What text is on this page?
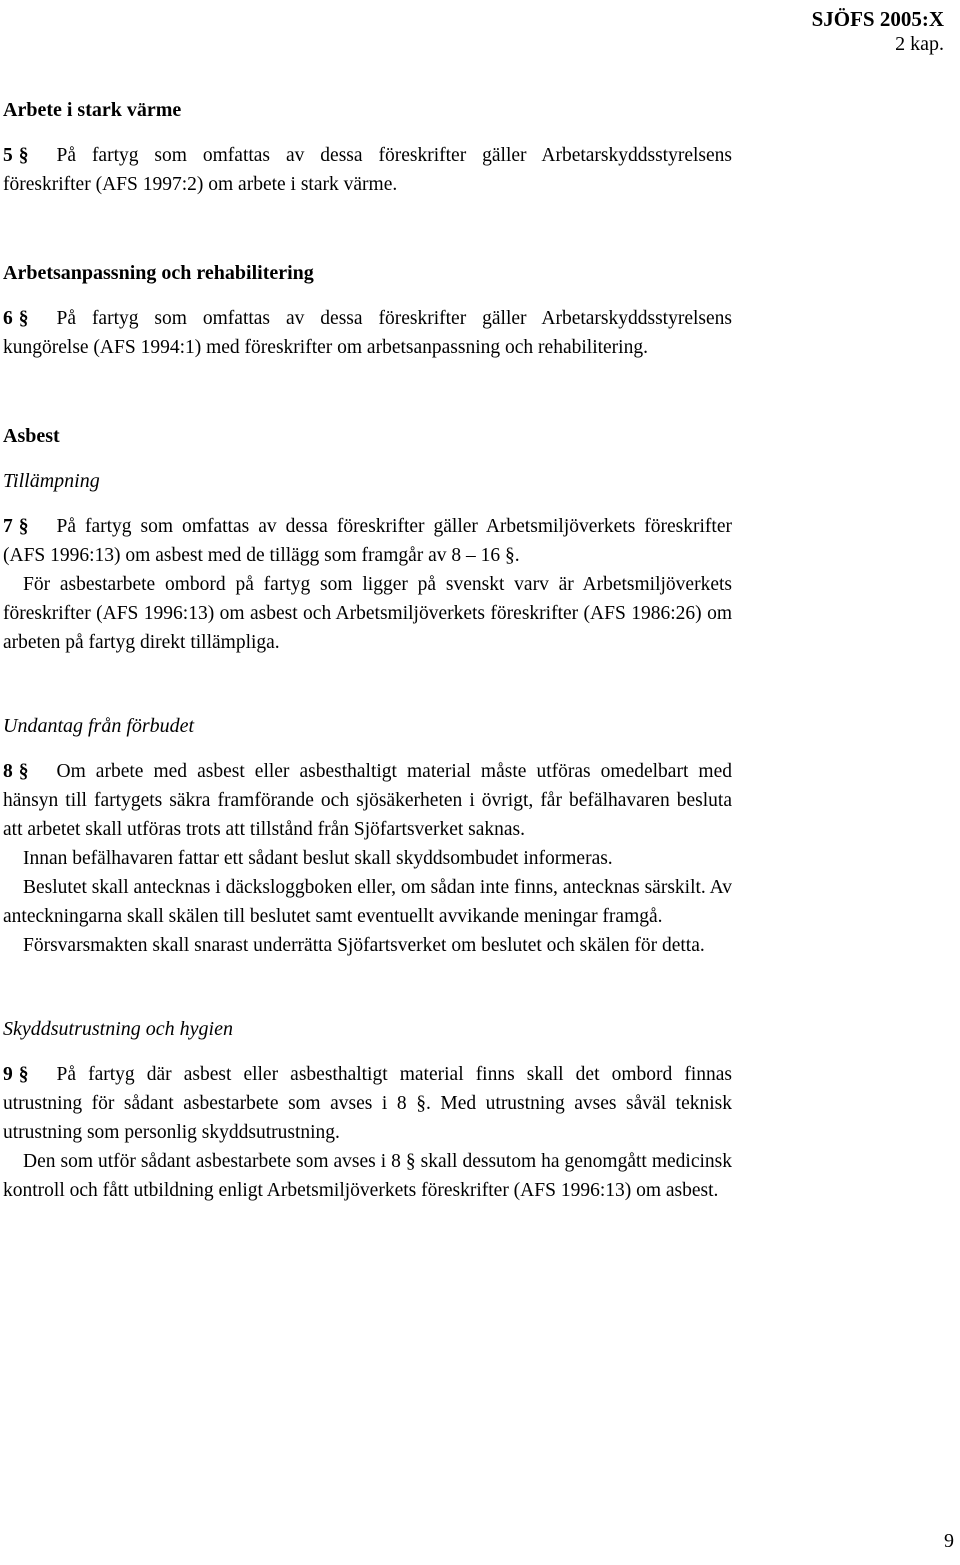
SJÖFS 2005:X
2 kap.
Arbete i stark värme

5 § På fartyg som omfattas av dessa föreskrifter gäller Arbetarskyddsstyrelsens föreskrifter (AFS 1997:2) om arbete i stark värme.

Arbetsanpassning och rehabilitering

6 § På fartyg som omfattas av dessa föreskrifter gäller Arbetarskyddsstyrelsens kungörelse (AFS 1994:1) med föreskrifter om arbetsanpassning och rehabilitering.

Asbest
Tillämpning

7 § På fartyg som omfattas av dessa föreskrifter gäller Arbetsmiljöverkets föreskrifter (AFS 1996:13) om asbest med de tillägg som framgår av 8 – 16 §.

För asbestarbete ombord på fartyg som ligger på svenskt varv är Arbetsmiljöverkets föreskrifter (AFS 1996:13) om asbest och Arbetsmiljöverkets föreskrifter (AFS 1986:26) om arbeten på fartyg direkt tillämpliga.

Undantag från förbudet

8 § Om arbete med asbest eller asbesthaltigt material måste utföras omedelbart med hänsyn till fartygets säkra framförande och sjösäkerheten i övrigt, får befälhavaren besluta att arbetet skall utföras trots att tillstånd från Sjöfartsverket saknas.

Innan befälhavaren fattar ett sådant beslut skall skyddsombudet informeras.

Beslutet skall antecknas i däcksloggboken eller, om sådan inte finns, antecknas särskilt. Av anteckningarna skall skälen till beslutet samt eventuellt avvikande meningar framgå.

Försvarsmakten skall snarast underrätta Sjöfartsverket om beslutet och skälen för detta.

Skyddsutrustning och hygien

9 § På fartyg där asbest eller asbesthaltigt material finns skall det ombord finnas utrustning för sådant asbestarbete som avses i 8 §. Med utrustning avses såväl teknisk utrustning som personlig skyddsutrustning.

Den som utför sådant asbestarbete som avses i 8 § skall dessutom ha genomgått medicinsk kontroll och fått utbildning enligt Arbetsmiljöverkets föreskrifter (AFS 1996:13) om asbest.

9
